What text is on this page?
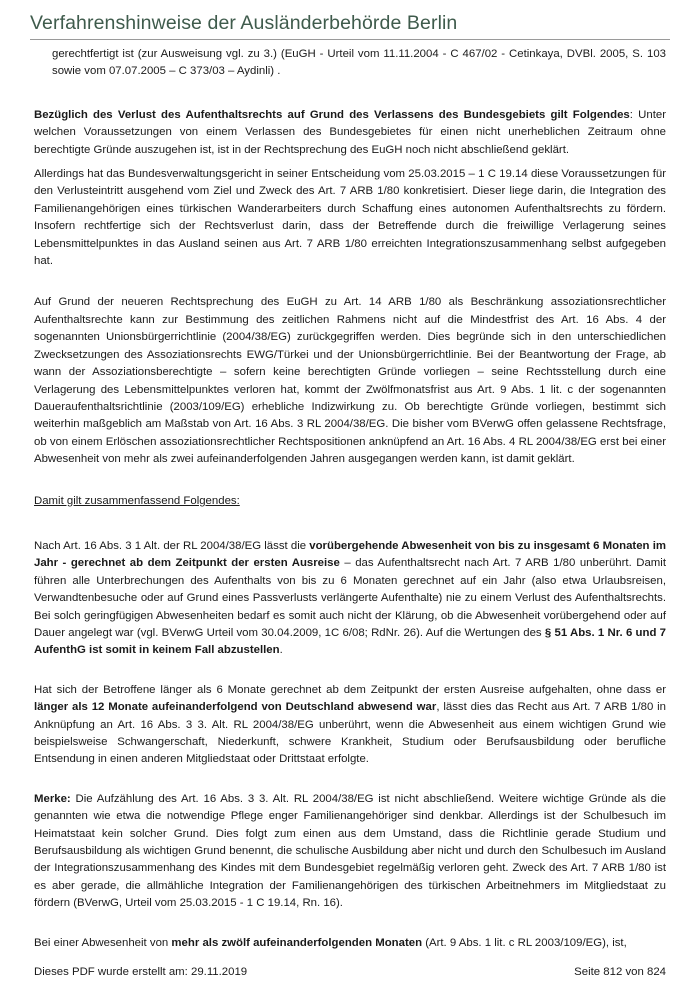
Verfahrenshinweise der Ausländerbehörde Berlin

gerechtfertigt ist (zur Ausweisung vgl. zu 3.) (EuGH - Urteil vom 11.11.2004 - C 467/02 - Cetinkaya, DVBl. 2005, S. 103 sowie vom 07.07.2005 – C 373/03 – Aydinli) .

Bezüglich des Verlust des Aufenthaltsrechts auf Grund des Verlassens des Bundesgebiets gilt Folgendes: Unter welchen Voraussetzungen von einem Verlassen des Bundesgebietes für einen nicht unerheblichen Zeitraum ohne berechtigte Gründe auszugehen ist, ist in der Rechtsprechung des EuGH noch nicht abschließend geklärt.

Allerdings hat das Bundesverwaltungsgericht in seiner Entscheidung vom 25.03.2015 – 1 C 19.14 diese Voraussetzungen für den Verlusteintritt ausgehend vom Ziel und Zweck des Art. 7 ARB 1/80 konkretisiert. Dieser liege darin, die Integration des Familienangehörigen eines türkischen Wanderarbeiters durch Schaffung eines autonomen Aufenthaltsrechts zu fördern. Insofern rechtfertige sich der Rechtsverlust darin, dass der Betreffende durch die freiwillige Verlagerung seines Lebensmittelpunktes in das Ausland seinen aus Art. 7 ARB 1/80 erreichten Integrationszusammenhang selbst aufgegeben hat.

Auf Grund der neueren Rechtsprechung des EuGH zu Art. 14 ARB 1/80 als Beschränkung assoziationsrechtlicher Aufenthaltsrechte kann zur Bestimmung des zeitlichen Rahmens nicht auf die Mindestfrist des Art. 16 Abs. 4 der sogenannten Unionsbürgerrichtlinie (2004/38/EG) zurückgegriffen werden. Dies begründe sich in den unterschiedlichen Zwecksetzungen des Assoziationsrechts EWG/Türkei und der Unionsbürgerrichtlinie. Bei der Beantwortung der Frage, ab wann der Assoziationsberechtigte – sofern keine berechtigten Gründe vorliegen – seine Rechtsstellung durch eine Verlagerung des Lebensmittelpunktes verloren hat, kommt der Zwölfmonatsfrist aus Art. 9 Abs. 1 lit. c der sogenannten Daueraufenthaltsrichtlinie (2003/109/EG) erhebliche Indizwirkung zu. Ob berechtigte Gründe vorliegen, bestimmt sich weiterhin maßgeblich am Maßstab von Art. 16 Abs. 3 RL 2004/38/EG. Die bisher vom BVerwG offen gelassene Rechtsfrage, ob von einem Erlöschen assoziationsrechtlicher Rechtspositionen anknüpfend an Art. 16 Abs. 4 RL 2004/38/EG erst bei einer Abwesenheit von mehr als zwei aufeinanderfolgenden Jahren ausgegangen werden kann, ist damit geklärt.

Damit gilt zusammenfassend Folgendes:

Nach Art. 16 Abs. 3 1 Alt. der RL 2004/38/EG lässt die vorübergehende Abwesenheit von bis zu insgesamt 6 Monaten im Jahr - gerechnet ab dem Zeitpunkt der ersten Ausreise – das Aufenthaltsrecht nach Art. 7 ARB 1/80 unberührt. Damit führen alle Unterbrechungen des Aufenthalts von bis zu 6 Monaten gerechnet auf ein Jahr (also etwa Urlaubsreisen, Verwandtenbesuche oder auf Grund eines Passverlusts verlängerte Aufenthalte) nie zu einem Verlust des Aufenthaltsrechts. Bei solch geringfügigen Abwesenheiten bedarf es somit auch nicht der Klärung, ob die Abwesenheit vorübergehend oder auf Dauer angelegt war (vgl. BVerwG Urteil vom 30.04.2009, 1C 6/08; RdNr. 26). Auf die Wertungen des § 51 Abs. 1 Nr. 6 und 7 AufenthG ist somit in keinem Fall abzustellen.

Hat sich der Betroffene länger als 6 Monate gerechnet ab dem Zeitpunkt der ersten Ausreise aufgehalten, ohne dass er länger als 12 Monate aufeinanderfolgend von Deutschland abwesend war, lässt dies das Recht aus Art. 7 ARB 1/80 in Anknüpfung an Art. 16 Abs. 3 3. Alt. RL 2004/38/EG unberührt, wenn die Abwesenheit aus einem wichtigen Grund wie beispielsweise Schwangerschaft, Niederkunft, schwere Krankheit, Studium oder Berufsausbildung oder berufliche Entsendung in einen anderen Mitgliedstaat oder Drittstaat erfolgte.

Merke: Die Aufzählung des Art. 16 Abs. 3 3. Alt. RL 2004/38/EG ist nicht abschließend. Weitere wichtige Gründe als die genannten wie etwa die notwendige Pflege enger Familienangehöriger sind denkbar. Allerdings ist der Schulbesuch im Heimatstaat kein solcher Grund. Dies folgt zum einen aus dem Umstand, dass die Richtlinie gerade Studium und Berufsausbildung als wichtigen Grund benennt, die schulische Ausbildung aber nicht und durch den Schulbesuch im Ausland der Integrationszusammenhang des Kindes mit dem Bundesgebiet regelmäßig verloren geht. Zweck des Art. 7 ARB 1/80 ist es aber gerade, die allmähliche Integration der Familienangehörigen des türkischen Arbeitnehmers im Mitgliedstaat zu fördern (BVerwG, Urteil vom 25.03.2015 - 1 C 19.14, Rn. 16).

Bei einer Abwesenheit von mehr als zwölf aufeinanderfolgenden Monaten (Art. 9 Abs. 1 lit. c RL 2003/109/EG), ist,

Dieses PDF wurde erstellt am: 29.11.2019	Seite 812 von 824
